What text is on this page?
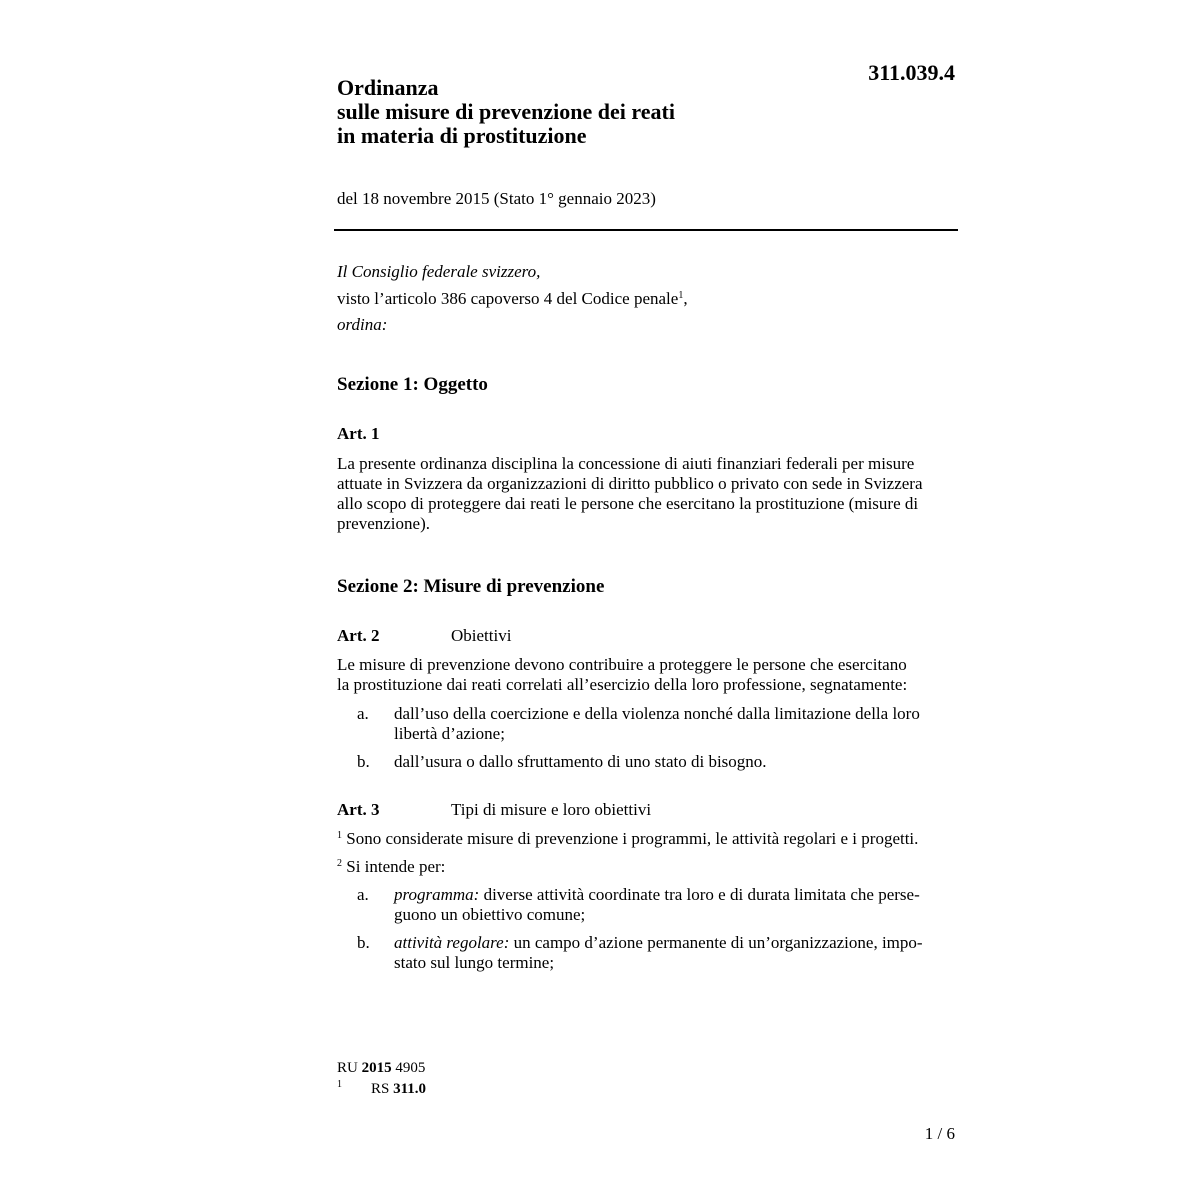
311.039.4
Ordinanza
sulle misure di prevenzione dei reati
in materia di prostituzione
del 18 novembre 2015 (Stato 1° gennaio 2023)
Il Consiglio federale svizzero,
visto l’articolo 386 capoverso 4 del Codice penale$^1$,
ordina:
Sezione 1: Oggetto
Art. 1
La presente ordinanza disciplina la concessione di aiuti finanziari federali per misure
attuate in Svizzera da organizzazioni di diritto pubblico o privato con sede in Svizzera
allo scopo di proteggere dai reati le persone che esercitano la prostituzione (misure di
prevenzione).
Sezione 2: Misure di prevenzione
Art. 2	Obiettivi
Le misure di prevenzione devono contribuire a proteggere le persone che esercitano
la prostituzione dai reati correlati all’esercizio della loro professione, segnatamente:
a. dall’uso della coercizione e della violenza nonché dalla limitazione della loro
libertà d’azione;
b. dall’usura o dallo sfruttamento di uno stato di bisogno.
Art. 3	Tipi di misure e loro obiettivi
$^1$ Sono considerate misure di prevenzione i programmi, le attività regolari e i progetti.
$^2$ Si intende per:
a. programma: diverse attività coordinate tra loro e di durata limitata che perse-
guono un obiettivo comune;
b. attività regolare: un campo d’azione permanente di un’organizzazione, impo-
stato sul lungo termine;
RU 2015 4905
$^1$ RS 311.0
1 / 6
